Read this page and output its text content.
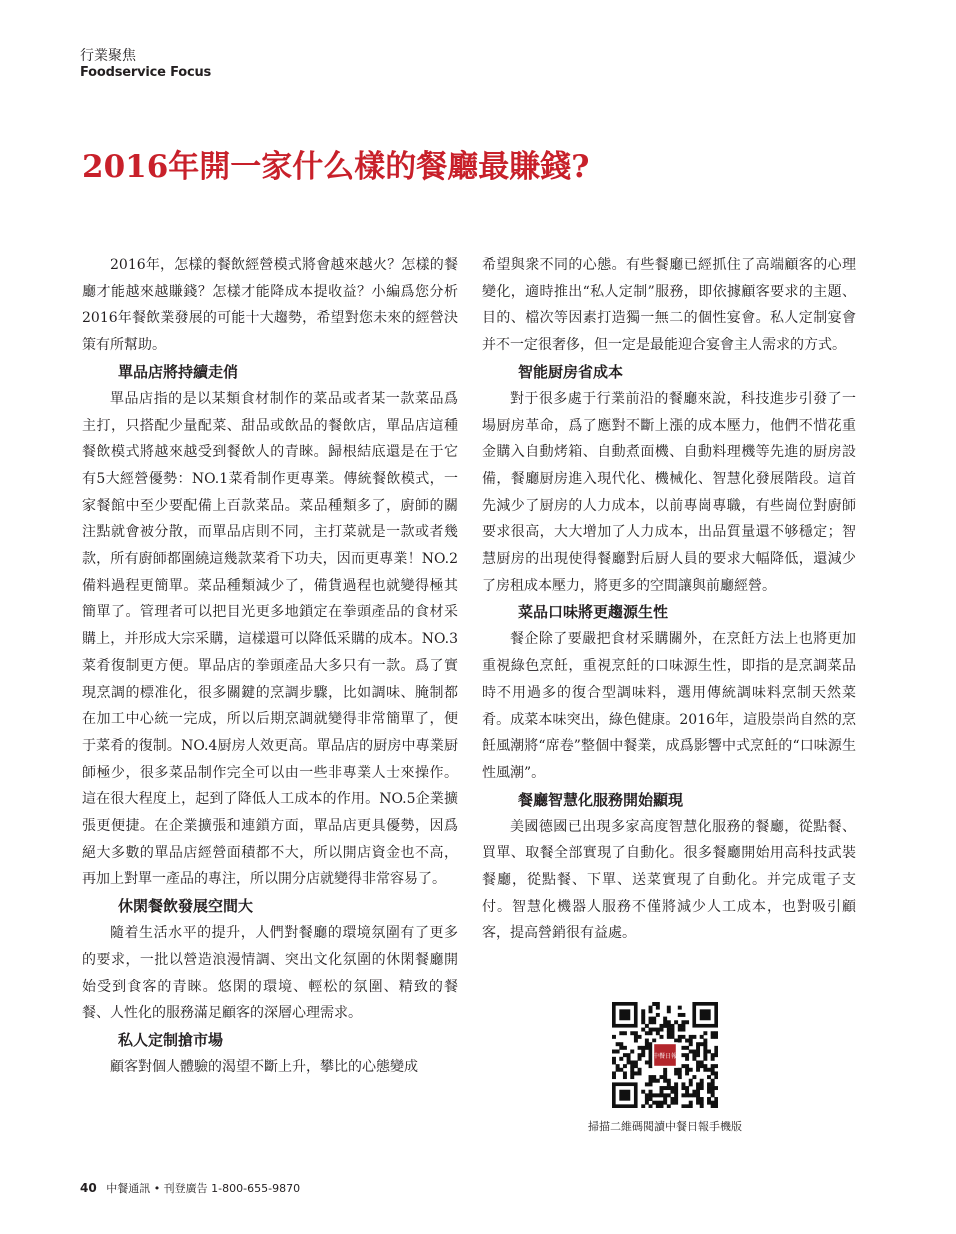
行業聚焦
Foodservice Focus
2016年開一家什么樣的餐廳最賺錢?

2016年，怎樣的餐飲經營模式將會越來越火？怎樣的餐廳才能越來越賺錢？怎樣才能降成本提收益？小編爲您分析2016年餐飲業發展的可能十大趨勢，希望對您未來的經營決策有所幫助。

單品店將持續走俏

單品店指的是以某類食材制作的菜品或者某一款菜品爲主打，只搭配少量配菜、甜品或飲品的餐飲店，單品店這種餐飲模式將越來越受到餐飲人的青睞。歸根結底還是在于它有5大經營優勢：NO.1菜肴制作更專業。傳統餐飲模式，一家餐館中至少要配備上百款菜品。菜品種類多了，廚師的關注點就會被分散，而單品店則不同，主打菜就是一款或者幾款，所有廚師都圍繞這幾款菜肴下功夫，因而更專業！NO.2備料過程更簡單。菜品種類減少了，備貨過程也就變得極其簡單了。管理者可以把目光更多地鎖定在拳頭產品的食材采購上，并形成大宗采購，這樣還可以降低采購的成本。NO.3菜肴復制更方便。單品店的拳頭產品大多只有一款。爲了實現烹調的標准化，很多關鍵的烹調步驟，比如調味、腌制都在加工中心統一完成，所以后期烹調就變得非常簡單了，便于菜肴的復制。NO.4厨房人效更高。單品店的厨房中專業厨師極少，很多菜品制作完全可以由一些非專業人士來操作。這在很大程度上，起到了降低人工成本的作用。NO.5企業擴張更便捷。在企業擴張和連鎖方面，單品店更具優勢，因爲絕大多數的單品店經營面積都不大，所以開店資金也不高，再加上對單一產品的專注，所以開分店就變得非常容易了。

休閑餐飲發展空間大

隨着生活水平的提升，人們對餐廳的環境氛圍有了更多的要求，一批以營造浪漫情調、突出文化氛圍的休閑餐廳開始受到食客的青睞。悠閑的環境、輕松的氛圍、精致的餐餐、人性化的服務滿足顧客的深層心理需求。

私人定制搶市場

顧客對個人體驗的渴望不斷上升，攀比的心態變成

希望與衆不同的心態。有些餐廳已經抓住了高端顧客的心理變化，適時推出“私人定制”服務，即依據顧客要求的主題、目的、檔次等因素打造獨一無二的個性宴會。私人定制宴會并不一定很奢侈，但一定是最能迎合宴會主人需求的方式。

智能厨房省成本

對于很多處于行業前沿的餐廳來說，科技進步引發了一場厨房革命，爲了應對不斷上漲的成本壓力，他們不惜花重金購入自動烤箱、自動煮面機、自動料理機等先進的厨房設備，餐廳厨房進入現代化、機械化、智慧化發展階段。這首先減少了厨房的人力成本，以前專崗專職，有些崗位對廚師要求很高，大大增加了人力成本，出品質量還不够穩定；智慧厨房的出現使得餐廳對后厨人員的要求大幅降低，還減少了房租成本壓力，將更多的空間讓與前廳經營。

菜品口味將更趨源生性

餐企除了要嚴把食材采購關外，在烹飪方法上也將更加重視綠色烹飪，重視烹飪的口味源生性，即指的是烹調菜品時不用過多的復合型調味料，選用傳統調味料烹制天然菜肴。成菜本味突出，綠色健康。2016年，這股崇尚自然的烹飪風潮將“席卷”整個中餐業，成爲影響中式烹飪的“口味源生性風潮”。

餐廳智慧化服務開始顯現

美國德國已出現多家高度智慧化服務的餐廳，從點餐、買單、取餐全部實現了自動化。很多餐廳開始用高科技武裝餐廳，從點餐、下單、送菜實現了自動化。并完成電子支付。智慧化機器人服務不僅將減少人工成本，也對吸引顧客，提高營銷很有益處。

中餐日報
掃描二維碼閱讀中餐日報手機版
40 中餐通訊 • 刊登廣告 1-800-655-9870
